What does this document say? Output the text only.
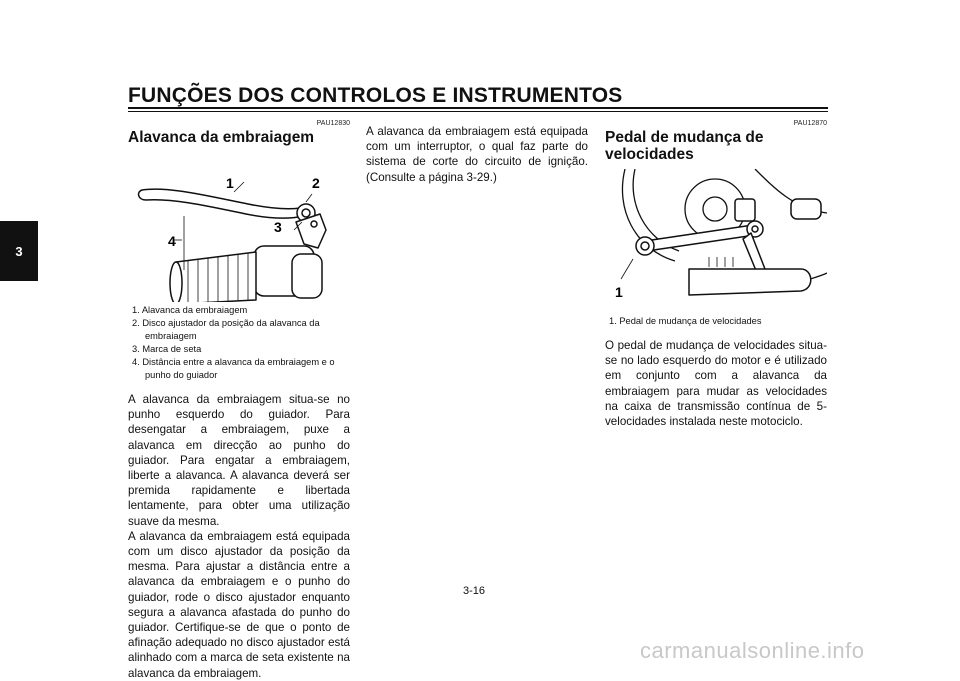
FUNÇÕES DOS CONTROLOS E INSTRUMENTOS
3
PAU12830
Alavanca da embraiagem
1	2
3
4
1. Alavanca da embraiagem
2. Disco ajustador da posição da alavanca da embraiagem
3. Marca de seta
4. Distância entre a alavanca da embraiagem e o punho do guiador

A alavanca da embraiagem situa-se no punho esquerdo do guiador. Para desengatar a embraiagem, puxe a alavanca em direcção ao punho do guiador. Para engatar a embraiagem, liberte a alavanca. A alavanca deverá ser premida rapidamente e libertada lentamente, para obter uma utilização suave da mesma.

A alavanca da embraiagem está equipada com um disco ajustador da posição da mesma. Para ajustar a distância entre a alavanca da embraiagem e o punho do guiador, rode o disco ajustador enquanto segura a alavanca afastada do punho do guiador. Certifique-se de que o ponto de afinação adequado no disco ajustador está alinhado com a marca de seta existente na alavanca da embraiagem.

A alavanca da embraiagem está equipada com um interruptor, o qual faz parte do sistema de corte do circuito de ignição. (Consulte a página 3-29.)

PAU12870
Pedal de mudança de velocidades
1
1. Pedal de mudança de velocidades

O pedal de mudança de velocidades situa-se no lado esquerdo do motor e é utilizado em conjunto com a alavanca da embraiagem para mudar as velocidades na caixa de transmissão contínua de 5-velocidades instalada neste motociclo.

3-16
carmanualsonline.info
